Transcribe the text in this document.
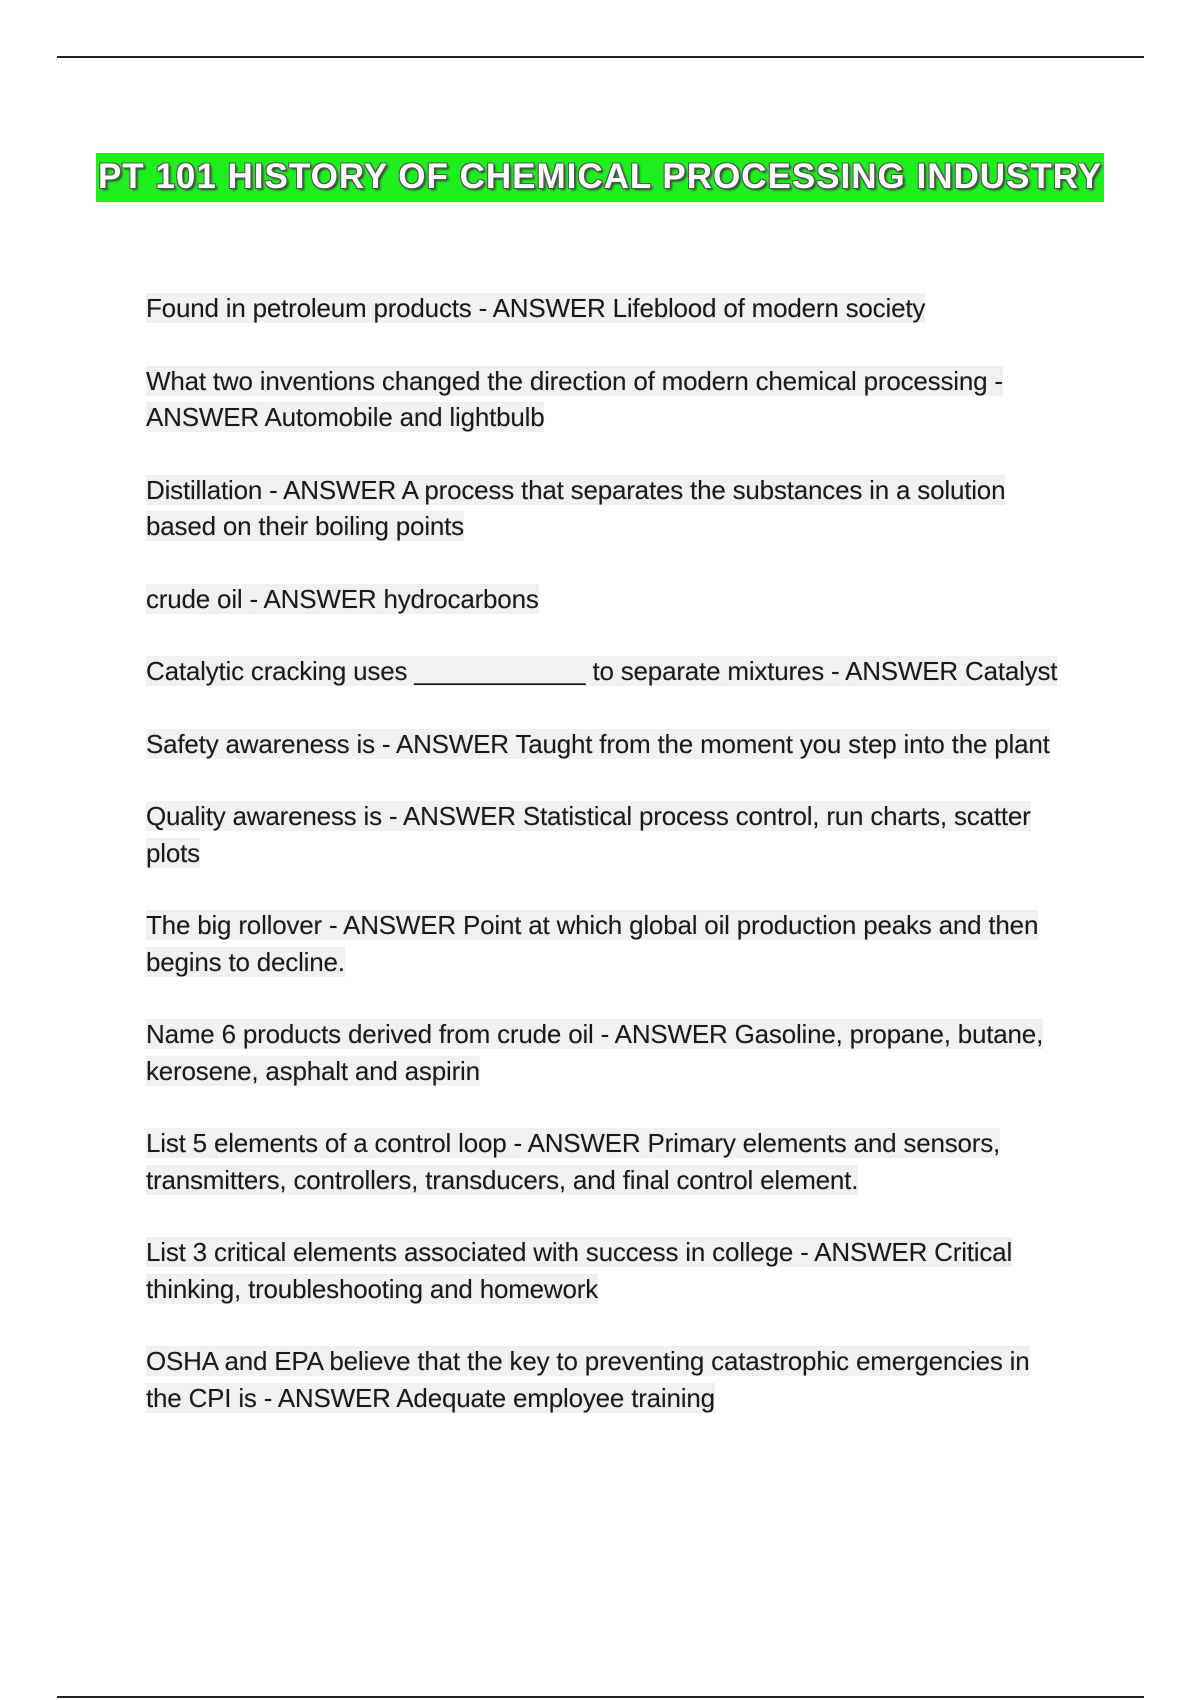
PT 101 HISTORY OF CHEMICAL PROCESSING INDUSTRY
Found in petroleum products - ANSWER Lifeblood of modern society
What two inventions changed the direction of modern chemical processing - ANSWER Automobile and lightbulb
Distillation - ANSWER A process that separates the substances in a solution based on their boiling points
crude oil - ANSWER hydrocarbons
Catalytic cracking uses ____________ to separate mixtures - ANSWER Catalyst
Safety awareness is - ANSWER Taught from the moment you step into the plant
Quality awareness is - ANSWER Statistical process control, run charts, scatter plots
The big rollover - ANSWER Point at which global oil production peaks and then begins to decline.
Name 6 products derived from crude oil - ANSWER Gasoline, propane, butane, kerosene, asphalt and aspirin
List 5 elements of a control loop - ANSWER Primary elements and sensors, transmitters, controllers, transducers, and final control element.
List 3 critical elements associated with success in college - ANSWER Critical thinking, troubleshooting and homework
OSHA and EPA believe that the key to preventing catastrophic emergencies in the CPI is - ANSWER Adequate employee training
